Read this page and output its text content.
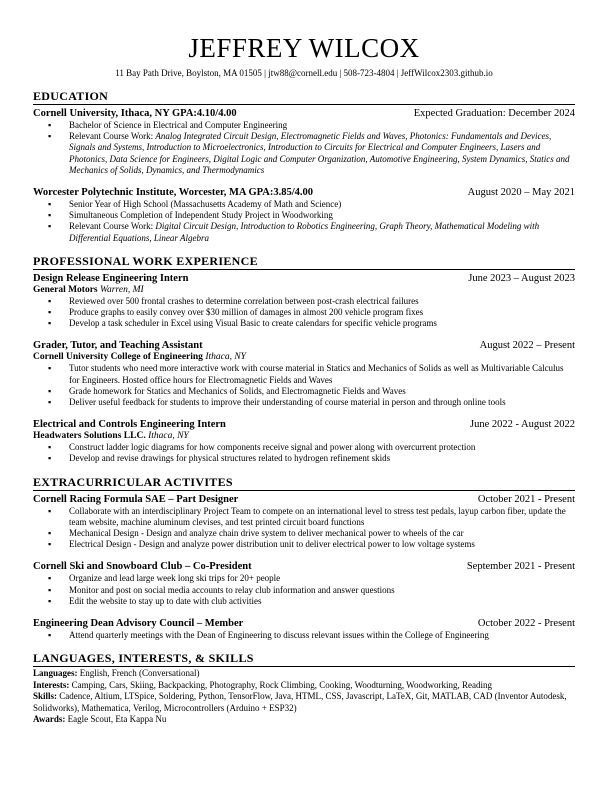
JEFFREY WILCOX
11 Bay Path Drive, Boylston, MA 01505 | jtw88@cornell.edu | 508-723-4804 | JeffWilcox2303.github.io
EDUCATION
Cornell University, Ithaca, NY GPA:4.10/4.00	Expected Graduation: December 2024
▪ Bachelor of Science in Electrical and Computer Engineering
▪ Relevant Course Work: Analog Integrated Circuit Design, Electromagnetic Fields and Waves, Photonics: Fundamentals and Devices, Signals and Systems, Introduction to Microelectronics, Introduction to Circuits for Electrical and Computer Engineers, Lasers and Photonics, Data Science for Engineers, Digital Logic and Computer Organization, Automotive Engineering, System Dynamics, Statics and Mechanics of Solids, Dynamics, and Thermodynamics
Worcester Polytechnic Institute, Worcester, MA GPA:3.85/4.00	August 2020 – May 2021
▪ Senior Year of High School (Massachusetts Academy of Math and Science)
▪ Simultaneous Completion of Independent Study Project in Woodworking
▪ Relevant Course Work: Digital Circuit Design, Introduction to Robotics Engineering, Graph Theory, Mathematical Modeling with Differential Equations, Linear Algebra
PROFESSIONAL WORK EXPERIENCE
Design Release Engineering Intern	June 2023 – August 2023
General Motors Warren, MI
▪ Reviewed over 500 frontal crashes to determine correlation between post-crash electrical failures
▪ Produce graphs to easily convey over $30 million of damages in almost 200 vehicle program fixes
▪ Develop a task scheduler in Excel using Visual Basic to create calendars for specific vehicle programs
Grader, Tutor, and Teaching Assistant	August 2022 – Present
Cornell University College of Engineering Ithaca, NY
▪ Tutor students who need more interactive work with course material in Statics and Mechanics of Solids as well as Multivariable Calculus for Engineers. Hosted office hours for Electromagnetic Fields and Waves
▪ Grade homework for Statics and Mechanics of Solids, and Electromagnetic Fields and Waves
▪ Deliver useful feedback for students to improve their understanding of course material in person and through online tools
Electrical and Controls Engineering Intern	June 2022 - August 2022
Headwaters Solutions LLC. Ithaca, NY
▪ Construct ladder logic diagrams for how components receive signal and power along with overcurrent protection
▪ Develop and revise drawings for physical structures related to hydrogen refinement skids
EXTRACURRICULAR ACTIVITES
Cornell Racing Formula SAE – Part Designer	October 2021 - Present
▪ Collaborate with an interdisciplinary Project Team to compete on an international level to stress test pedals, layup carbon fiber, update the team website, machine aluminum clevises, and test printed circuit board functions
▪ Mechanical Design - Design and analyze chain drive system to deliver mechanical power to wheels of the car
▪ Electrical Design - Design and analyze power distribution unit to deliver electrical power to low voltage systems
Cornell Ski and Snowboard Club – Co-President	September 2021 - Present
▪ Organize and lead large week long ski trips for 20+ people
▪ Monitor and post on social media accounts to relay club information and answer questions
▪ Edit the website to stay up to date with club activities
Engineering Dean Advisory Council – Member	October 2022 - Present
▪ Attend quarterly meetings with the Dean of Engineering to discuss relevant issues within the College of Engineering
LANGUAGES, INTERESTS, & SKILLS
Languages: English, French (Conversational)
Interests: Camping, Cars, Skiing, Backpacking, Photography, Rock Climbing, Cooking, Woodturning, Woodworking, Reading
Skills: Cadence, Altium, LTSpice, Soldering, Python, TensorFlow, Java, HTML, CSS, Javascript, LaTeX, Git, MATLAB, CAD (Inventor Autodesk, Solidworks), Mathematica, Verilog, Microcontrollers (Arduino + ESP32)
Awards: Eagle Scout, Eta Kappa Nu
